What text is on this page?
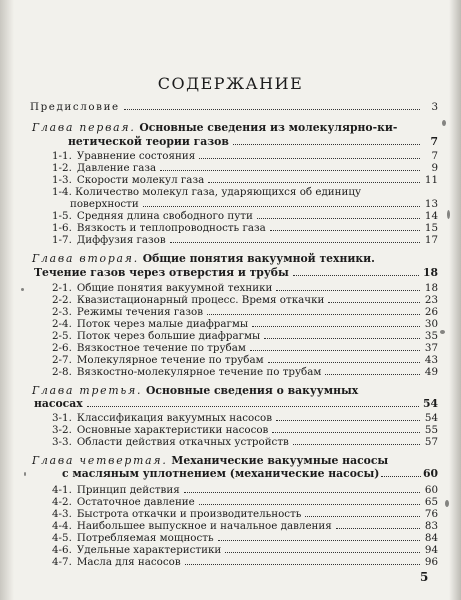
СОДЕРЖАНИЕ
Предисловие	3
Глава первая. Основные сведения из молекулярно-ки-
нетической теории газов	7
1-1. Уравнение состояния	7
1-2. Давление газа	9
1-3. Скорости молекул газа	11
1-4. Количество молекул газа, ударяющихся об единицу
поверхности	13
1-5. Средняя длина свободного пути	14
1-6. Вязкость и теплопроводность газа	15
1-7. Диффузия газов	17
Глава вторая. Общие понятия вакуумной техники.
Течение газов через отверстия и трубы	18
2-1. Общие понятия вакуумной техники	18
2-2. Квазистационарный процесс. Время откачки	23
2-3. Режимы течения газов	26
2-4. Поток через малые диафрагмы	30
2-5. Поток через большие диафрагмы	35
2-6. Вязкостное течение по трубам	37
2-7. Молекулярное течение по трубам	43
2-8. Вязкостно-молекулярное течение по трубам	49
Глава третья. Основные сведения о вакуумных
насосах	54
3-1. Классификация вакуумных насосов	54
3-2. Основные характеристики насосов	55
3-3. Области действия откачных устройств	57
Глава четвертая. Механические вакуумные насосы
с масляным уплотнением (механические насосы)	60
4-1. Принцип действия	60
4-2. Остаточное давление	65
4-3. Быстрота откачки и производительность	76
4-4. Наибольшее выпускное и начальное давления	83
4-5. Потребляемая мощность	84
4-6. Удельные характеристики	94
4-7. Масла для насосов	96
5
